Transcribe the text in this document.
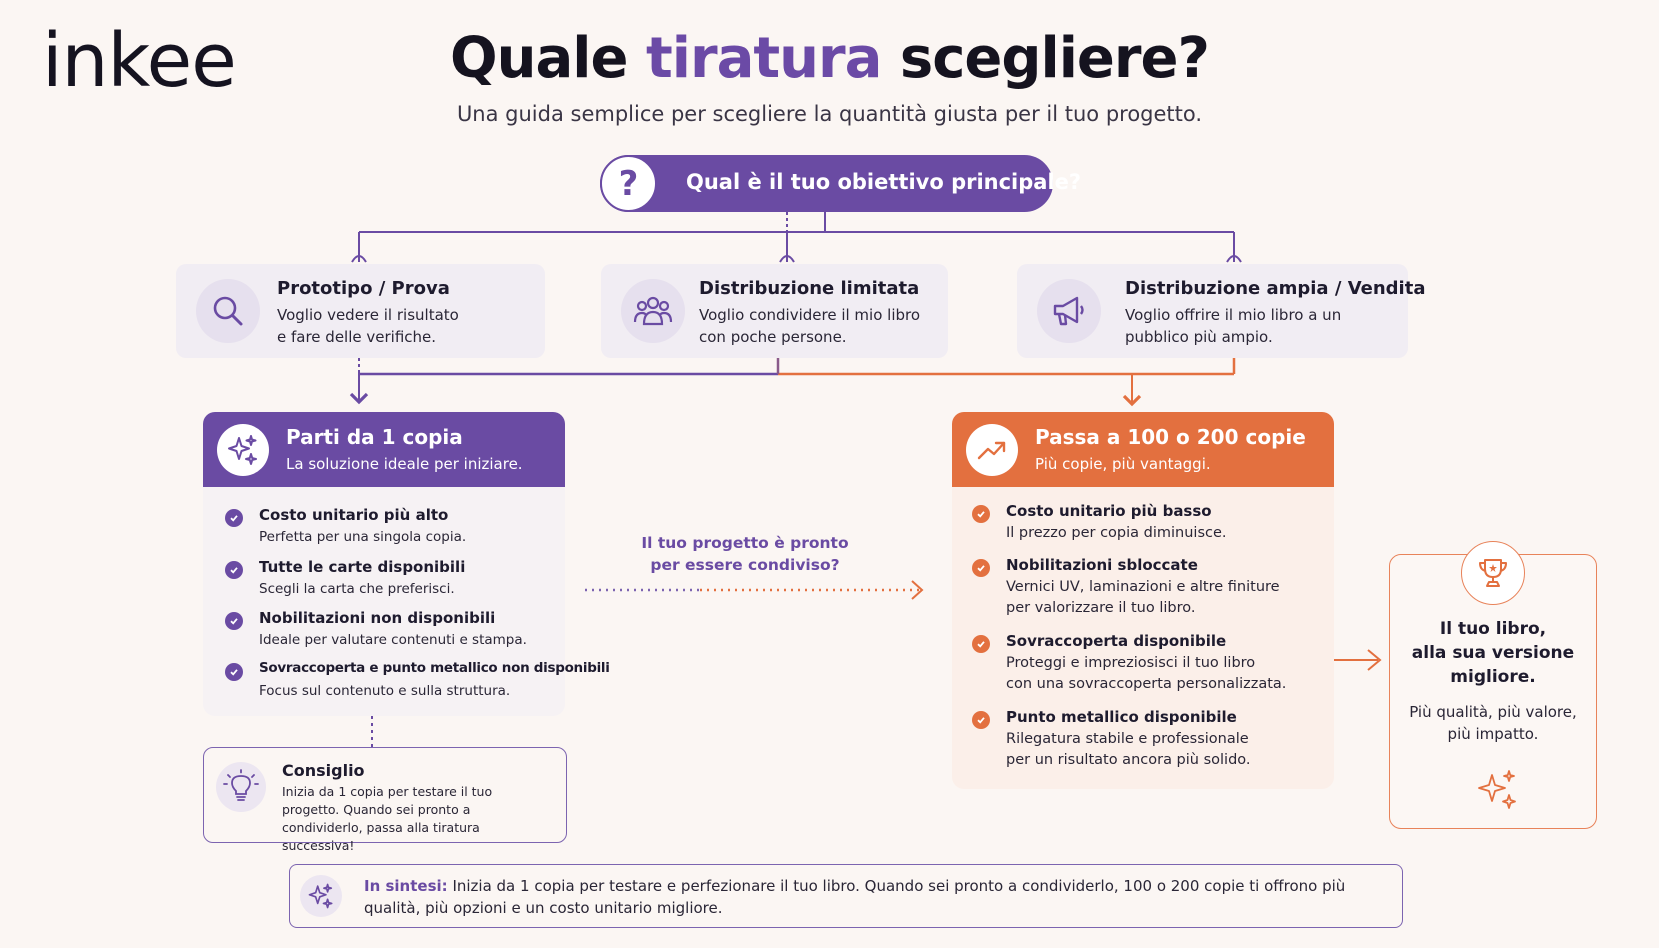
inkee	Quale tiratura scegliere?
Una guida semplice per scegliere la quantità giusta per il tuo progetto.
?	Qual è il tuo obiettivo principale?
Prototipo / Prova
Voglio vedere il risultato
e fare delle verifiche.
Distribuzione limitata
Voglio condividere il mio libro
con poche persone.
Distribuzione ampia / Vendita
Voglio offrire il mio libro a un
pubblico più ampio.
Parti da 1 copia
La soluzione ideale per iniziare.
Costo unitario più alto
Perfetta per una singola copia.
Tutte le carte disponibili
Scegli la carta che preferisci.
Nobilitazioni non disponibili
Ideale per valutare contenuti e stampa.
Sovraccoperta e punto metallico non disponibili
Focus sul contenuto e sulla struttura.
Consiglio
Inizia da 1 copia per testare il tuo progetto. Quando sei pronto a condividerlo, passa alla tiratura successiva!
Il tuo progetto è pronto
per essere condiviso?
Passa a 100 o 200 copie
Più copie, più vantaggi.
Costo unitario più basso
Il prezzo per copia diminuisce.
Nobilitazioni sbloccate
Vernici UV, laminazioni e altre finiture
per valorizzare il tuo libro.
Sovraccoperta disponibile
Proteggi e impreziosisci il tuo libro
con una sovraccoperta personalizzata.
Punto metallico disponibile
Rilegatura stabile e professionale
per un risultato ancora più solido.
Il tuo libro,
alla sua versione
migliore.
Più qualità, più valore,
più impatto.
In sintesi: Inizia da 1 copia per testare e perfezionare il tuo libro. Quando sei pronto a condividerlo, 100 o 200 copie ti offrono più qualità, più opzioni e un costo unitario migliore.
